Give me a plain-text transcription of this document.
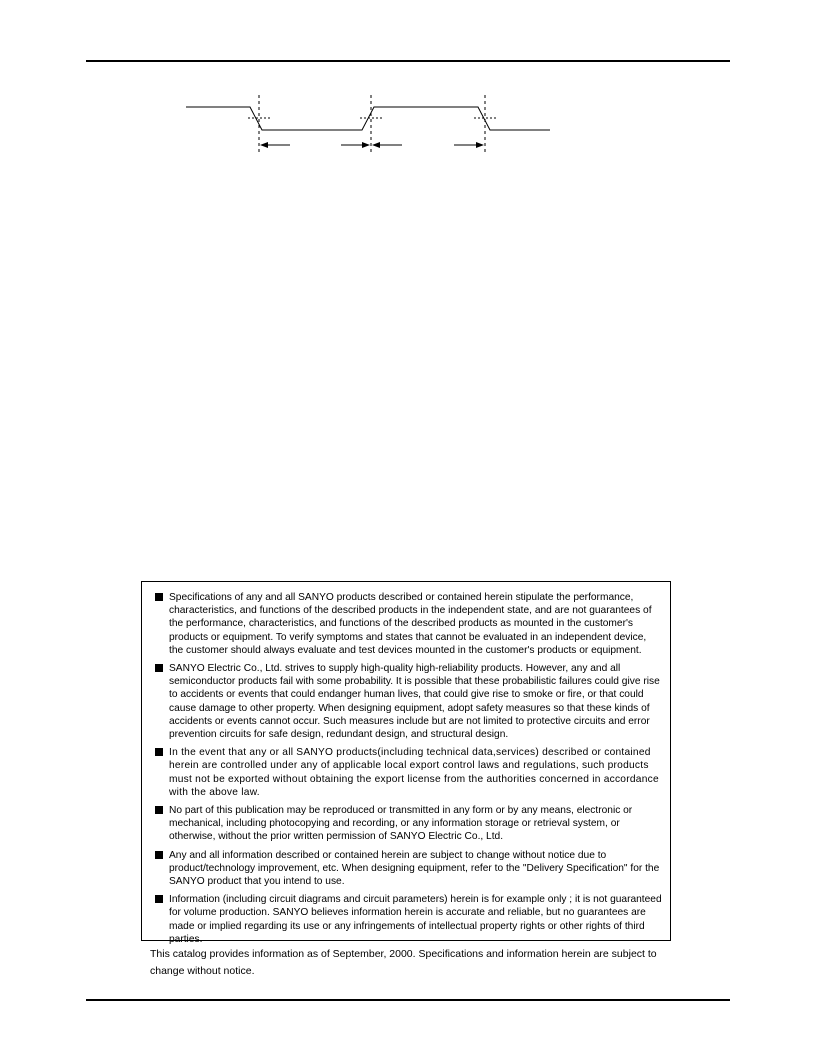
Specifications of any and all SANYO products described or contained herein stipulate the performance, characteristics, and functions of the described products in the independent state, and are not guarantees of the performance, characteristics, and functions of the described products as mounted in the customer's products or equipment. To verify symptoms and states that cannot be evaluated in an independent device, the customer should always evaluate and test devices mounted in the customer's products or equipment.
SANYO Electric Co., Ltd. strives to supply high-quality high-reliability products. However, any and all semiconductor products fail with some probability. It is possible that these probabilistic failures could give rise to accidents or events that could endanger human lives, that could give rise to smoke or fire, or that could cause damage to other property. When designing equipment, adopt safety measures so that these kinds of accidents or events cannot occur. Such measures include but are not limited to protective circuits and error prevention circuits for safe design, redundant design, and structural design.
In the event that any or all SANYO products(including technical data,services) described or contained herein are controlled under any of applicable local export control laws and regulations, such products must not be exported without obtaining the export license from the authorities concerned in accordance with the above law.
No part of this publication may be reproduced or transmitted in any form or by any means, electronic or mechanical, including photocopying and recording, or any information storage or retrieval system, or otherwise, without the prior written permission of SANYO Electric Co., Ltd.
Any and all information described or contained herein are subject to change without notice due to product/technology improvement, etc. When designing equipment, refer to the "Delivery Specification" for the SANYO product that you intend to use.
Information (including circuit diagrams and circuit parameters) herein is for example only ; it is not guaranteed for volume production. SANYO believes information herein is accurate and reliable, but no guarantees are made or implied regarding its use or any infringements of intellectual property rights or other rights of third parties.
This catalog provides information as of September, 2000. Specifications and information herein are subject to change without notice.
